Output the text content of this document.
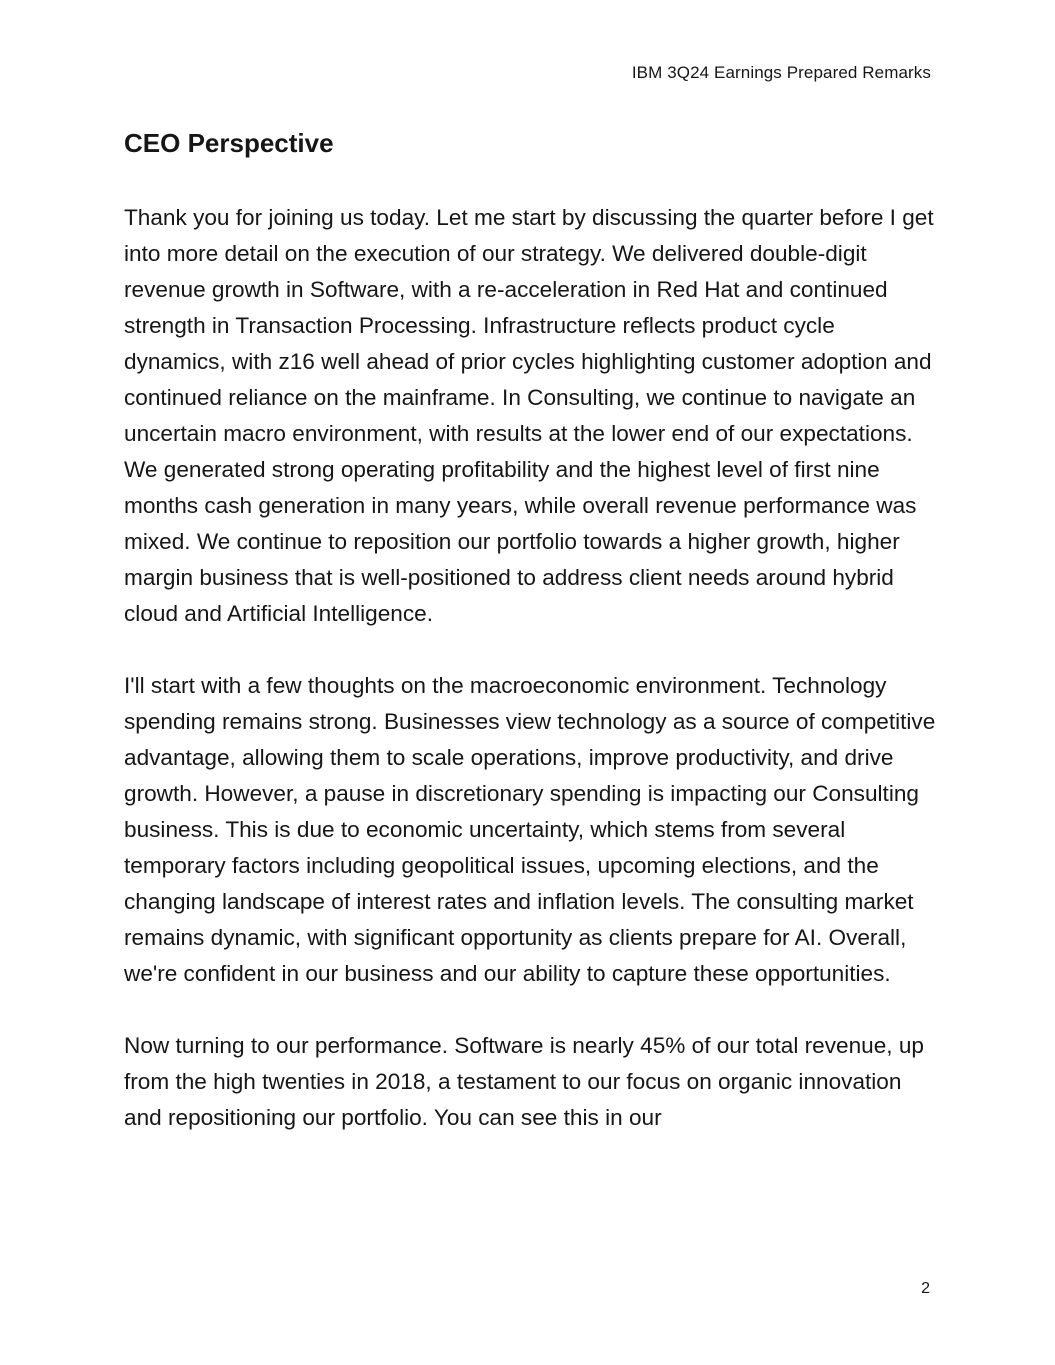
IBM 3Q24 Earnings Prepared Remarks
CEO Perspective

Thank you for joining us today. Let me start by discussing the quarter before I get into more detail on the execution of our strategy. We delivered double-digit revenue growth in Software, with a re-acceleration in Red Hat and continued strength in Transaction Processing. Infrastructure reflects product cycle dynamics, with z16 well ahead of prior cycles highlighting customer adoption and continued reliance on the mainframe. In Consulting, we continue to navigate an uncertain macro environment, with results at the lower end of our expectations. We generated strong operating profitability and the highest level of first nine months cash generation in many years, while overall revenue performance was mixed. We continue to reposition our portfolio towards a higher growth, higher margin business that is well-positioned to address client needs around hybrid cloud and Artificial Intelligence.

I'll start with a few thoughts on the macroeconomic environment. Technology spending remains strong. Businesses view technology as a source of competitive advantage, allowing them to scale operations, improve productivity, and drive growth. However, a pause in discretionary spending is impacting our Consulting business. This is due to economic uncertainty, which stems from several temporary factors including geopolitical issues, upcoming elections, and the changing landscape of interest rates and inflation levels. The consulting market remains dynamic, with significant opportunity as clients prepare for AI. Overall, we're confident in our business and our ability to capture these opportunities.

Now turning to our performance. Software is nearly 45% of our total revenue, up from the high twenties in 2018, a testament to our focus on organic innovation and repositioning our portfolio. You can see this in our

2
